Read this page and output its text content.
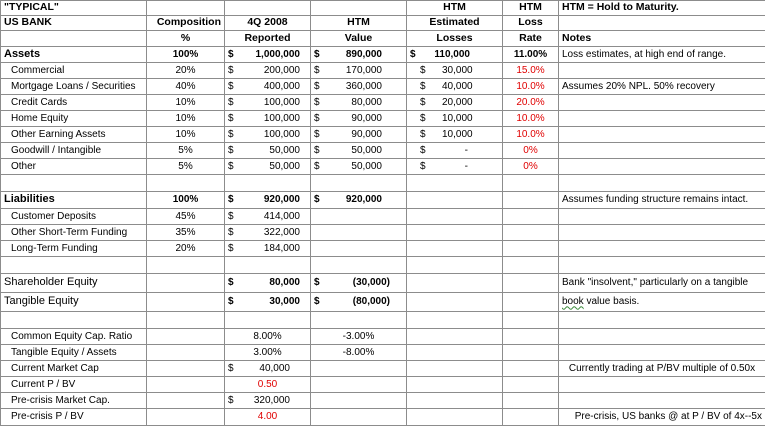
"TYPICAL"				HTM	HTM	HTM = Hold to Maturity.
US BANK	Composition	4Q 2008	HTM	Estimated	Loss	
	%	Reported	Value	Losses	Rate	Notes
Assets	100%	$ 1,000,000	$ 890,000	$ 110,000	11.00%	Loss estimates, at high end of range.
Commercial	20%	$ 200,000	$ 170,000	$ 30,000	15.0%	
Mortgage Loans / Securities	40%	$ 400,000	$ 360,000	$ 40,000	10.0%	Assumes 20% NPL. 50% recovery
Credit Cards	10%	$ 100,000	$ 80,000	$ 20,000	20.0%	
Home Equity	10%	$ 100,000	$ 90,000	$ 10,000	10.0%	
Other Earning Assets	10%	$ 100,000	$ 90,000	$ 10,000	10.0%	
Goodwill / Intangible	5%	$ 50,000	$ 50,000	$ -	0%	
Other	5%	$ 50,000	$ 50,000	$ -	0%	

Liabilities	100%	$ 920,000	$ 920,000			Assumes funding structure remains intact.
Customer Deposits	45%	$ 414,000				
Other Short-Term Funding	35%	$ 322,000				
Long-Term Funding	20%	$ 184,000				

Shareholder Equity		$ 80,000	$ (30,000)			Bank "insolvent," particularly on a tangible
Tangible Equity		$ 30,000	$ (80,000)			book value basis.

Common Equity Cap. Ratio		8.00%	-3.00%			
Tangible Equity / Assets		3.00%	-8.00%			
Current Market Cap		$ 40,000				Currently trading at P/BV multiple of 0.50x
Current P / BV		0.50				
Pre-crisis Market Cap.		$ 320,000				
Pre-crisis P / BV		4.00				Pre-crisis, US banks @ at P / BV of 4x--5x
